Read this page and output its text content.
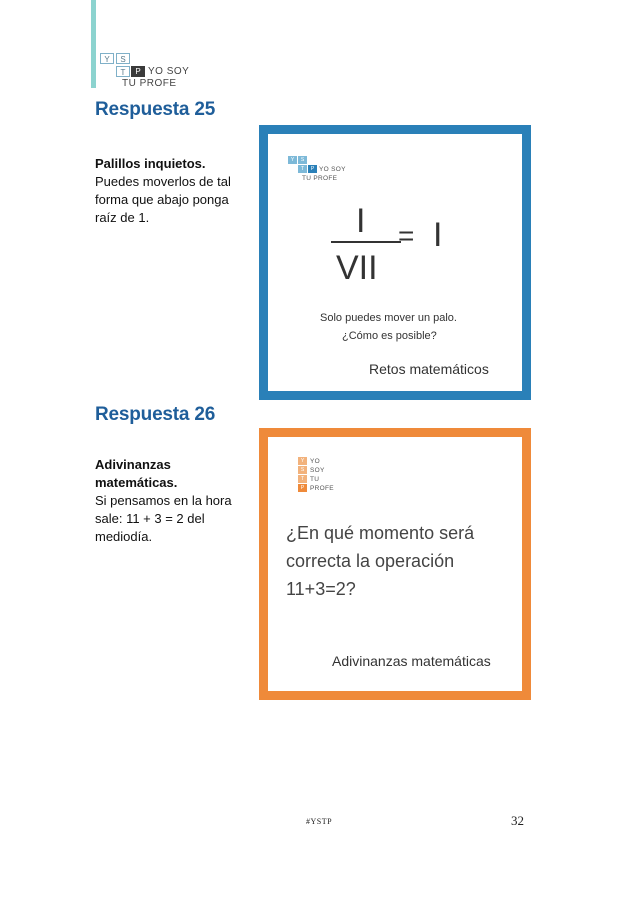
Y	S
T	P YO SOY
TU PROFE
Respuesta 25
Palillos inquietos.
Puedes moverlos de tal forma que abajo ponga raíz de 1.
Y	S
T	P YO SOY
TU PROFE
I
VII
= I
Solo puedes mover un palo.
¿Cómo es posible?
Retos matemáticos
Respuesta 26
Adivinanzas matemáticas.
Si pensamos en la hora sale: 11 + 3 = 2 del mediodía.
Y
S
T
P
YO
SOY
TU
PROFE
¿En qué momento será correcta la operación 11+3=2?
Adivinanzas matemáticas
#YSTP	32
